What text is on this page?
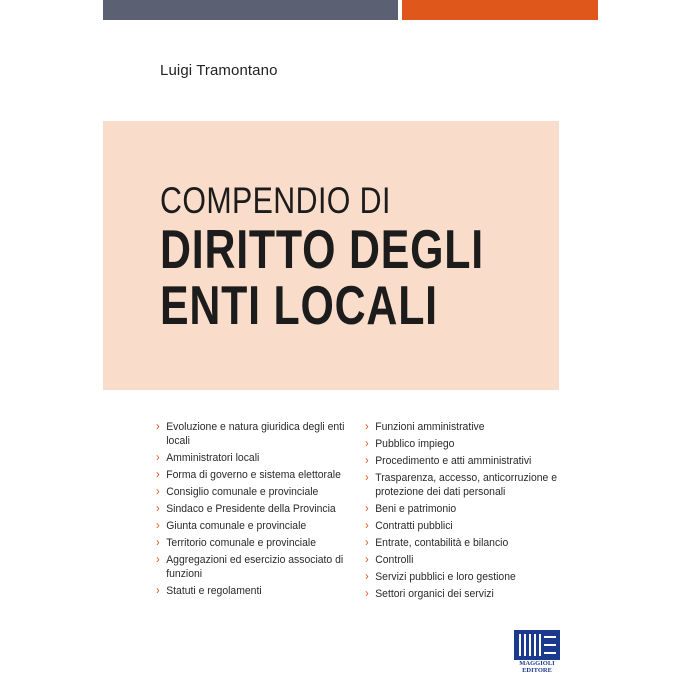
Luigi Tramontano
COMPENDIO DI
DIRITTO DEGLI
ENTI LOCALI
› Evoluzione e natura giuridica degli enti locali
› Amministratori locali
› Forma di governo e sistema elettorale
› Consiglio comunale e provinciale
› Sindaco e Presidente della Provincia
› Giunta comunale e provinciale
› Territorio comunale e provinciale
› Aggregazioni ed esercizio associato di funzioni
› Statuti e regolamenti
› Funzioni amministrative
› Pubblico impiego
› Procedimento e atti amministrativi
› Trasparenza, accesso, anticorruzione e protezione dei dati personali
› Beni e patrimonio
› Contratti pubblici
› Entrate, contabilità e bilancio
› Controlli
› Servizi pubblici e loro gestione
› Settori organici dei servizi
MAGGIOLI
EDITORE
